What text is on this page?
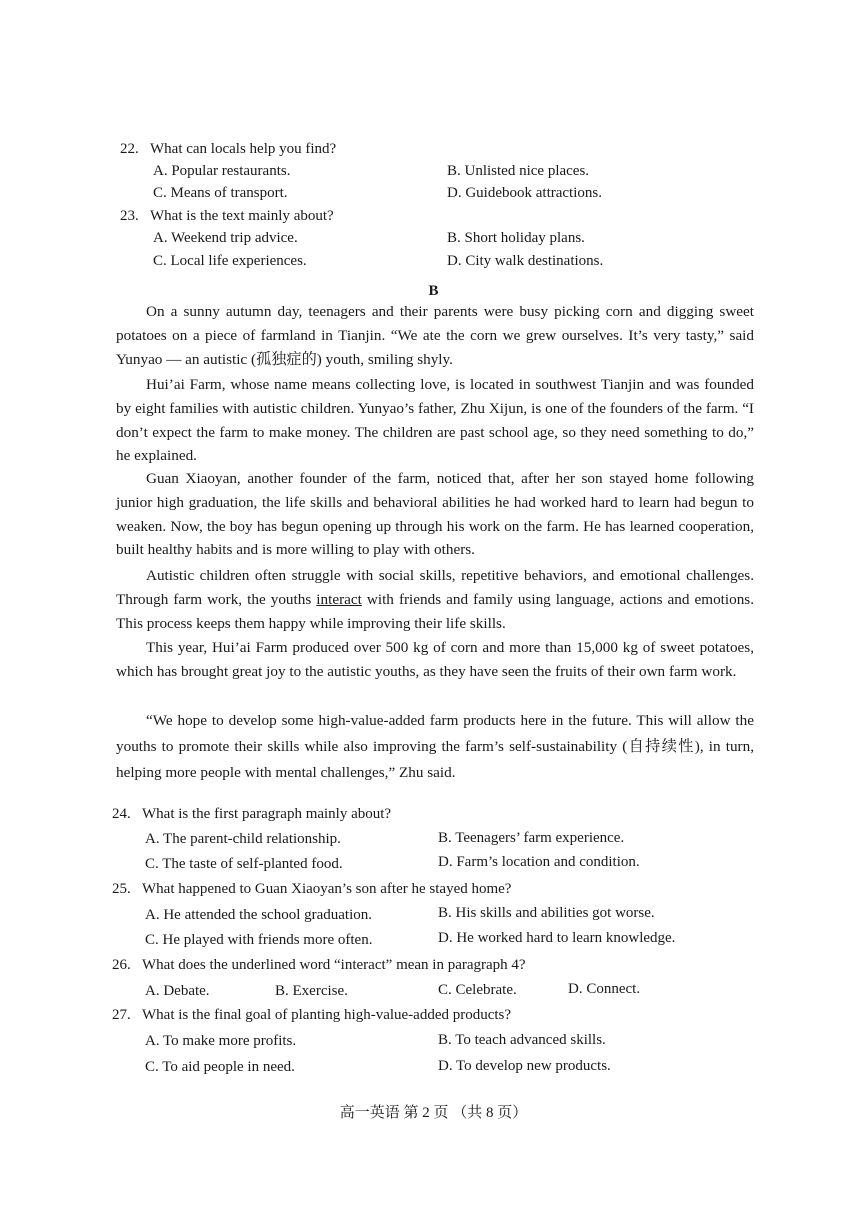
22. What can locals help you find?
A. Popular restaurants.	B. Unlisted nice places.
C. Means of transport.	D. Guidebook attractions.
23. What is the text mainly about?
A. Weekend trip advice.	B. Short holiday plans.
C. Local life experiences.	D. City walk destinations.
B

On a sunny autumn day, teenagers and their parents were busy picking corn and digging sweet potatoes on a piece of farmland in Tianjin. “We ate the corn we grew ourselves. It’s very tasty,” said Yunyao — an autistic (孤独症的) youth, smiling shyly.

Hui’ai Farm, whose name means collecting love, is located in southwest Tianjin and was founded by eight families with autistic children. Yunyao’s father, Zhu Xijun, is one of the founders of the farm. “I don’t expect the farm to make money. The children are past school age, so they need something to do,” he explained.

Guan Xiaoyan, another founder of the farm, noticed that, after her son stayed home following junior high graduation, the life skills and behavioral abilities he had worked hard to learn had begun to weaken. Now, the boy has begun opening up through his work on the farm. He has learned cooperation, built healthy habits and is more willing to play with others.

Autistic children often struggle with social skills, repetitive behaviors, and emotional challenges. Through farm work, the youths interact with friends and family using language, actions and emotions. This process keeps them happy while improving their life skills.

This year, Hui’ai Farm produced over 500 kg of corn and more than 15,000 kg of sweet potatoes, which has brought great joy to the autistic youths, as they have seen the fruits of their own farm work.

“We hope to develop some high-value-added farm products here in the future. This will allow the youths to promote their skills while also improving the farm’s self-sustainability (自持续性), in turn, helping more people with mental challenges,” Zhu said.

24. What is the first paragraph mainly about?
A. The parent-child relationship.	B. Teenagers’ farm experience.
C. The taste of self-planted food.	D. Farm’s location and condition.
25. What happened to Guan Xiaoyan’s son after he stayed home?
A. He attended the school graduation.	B. His skills and abilities got worse.
C. He played with friends more often.	D. He worked hard to learn knowledge.
26. What does the underlined word “interact” mean in paragraph 4?
A. Debate.	B. Exercise.	C. Celebrate.	D. Connect.
27. What is the final goal of planting high-value-added products?
A. To make more profits.	B. To teach advanced skills.
C. To aid people in need.	D. To develop new products.
高一英语 第 2 页 （共 8 页）
